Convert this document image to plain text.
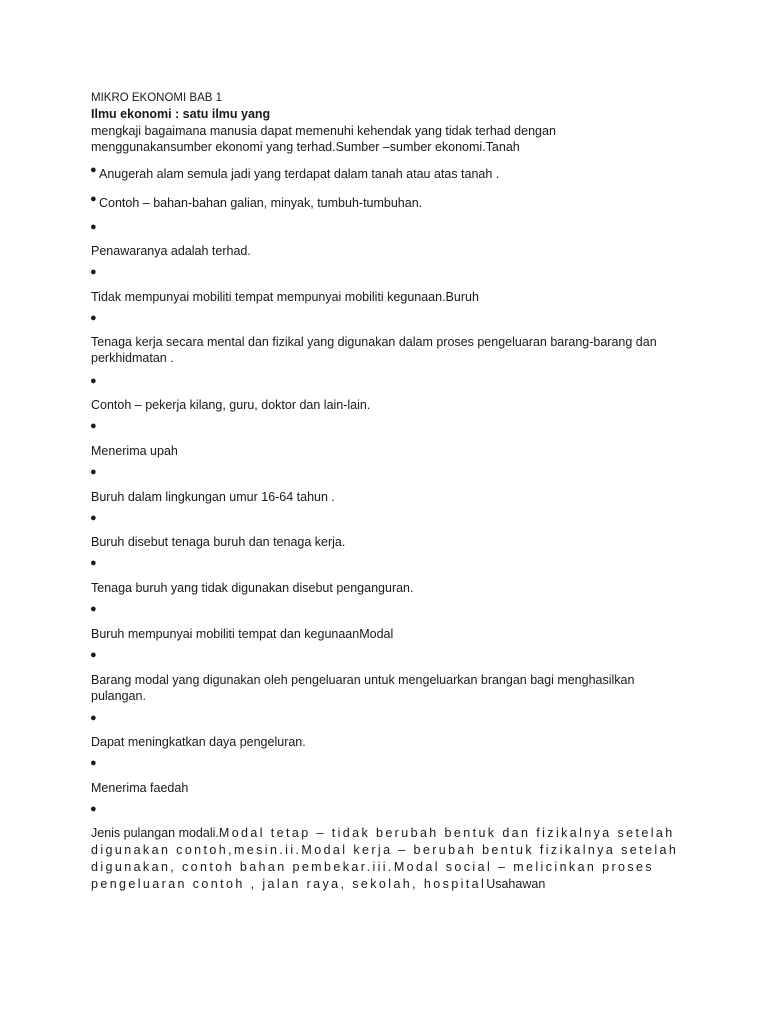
MIKRO EKONOMI BAB 1
Ilmu ekonomi : satu ilmu yang
mengkaji bagaimana manusia dapat memenuhi kehendak yang tidak terhad dengan
menggunakansumber ekonomi yang terhad.Sumber –sumber ekonomi.Tanah
● Anugerah alam semula jadi yang terdapat dalam tanah atau atas tanah .
● Contoh – bahan-bahan galian, minyak, tumbuh-tumbuhan.
●
Penawaranya adalah terhad.
●
Tidak mempunyai mobiliti tempat mempunyai mobiliti kegunaan.Buruh
●
Tenaga kerja secara mental dan fizikal yang digunakan dalam proses pengeluaran barang-barang dan perkhidmatan .
●
Contoh – pekerja kilang, guru, doktor dan lain-lain.
●
Menerima upah
●
Buruh dalam lingkungan umur 16-64 tahun .
●
Buruh disebut tenaga buruh dan tenaga kerja.
●
Tenaga buruh yang tidak digunakan disebut penganguran.
●
Buruh mempunyai mobiliti tempat dan kegunaanModal
●
Barang modal yang digunakan oleh pengeluaran untuk mengeluarkan brangan bagi menghasilkan pulangan.
●
Dapat meningkatkan daya pengeluran.
●
Menerima faedah
●
Jenis pulangan modali.Modal tetap – tidak berubah bentuk dan fizikalnya setelah digunakan contoh,mesin.ii.Modal kerja – berubah bentuk fizikalnya setelah digunakan, contoh bahan pembekar.iii.Modal social – melicinkan proses pengeluaran contoh , jalan raya, sekolah, hospitalUsahawan
